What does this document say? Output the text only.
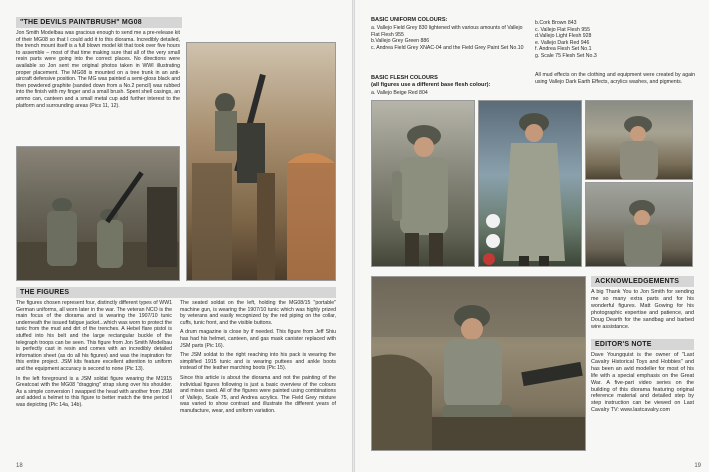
"THE DEVILS PAINTBRUSH" MG08
Jon Smith Modelbau was gracious enough to send me a pre-release kit of their MG08 so that I could add it to this diorama. Incredibly detailed, the trench mount itself is a full blown model kit that took over five hours to assemble – most of that time making sure that all of the very small resin parts were going into the correct places. No directions were available so Jon sent me original photos taken in WWI illustrating proper placement. The MG08 is mounted on a tree trunk in an anti-aircraft defensive position. The MG was painted a semi-gloss black and then powdered graphite (sanded down from a No.2 pencil) was rubbed into the finish with my finger and a small brush. Spent shell casings, an ammo can, canteen and a small metal cup add further interest to the platform and surrounding areas (Pics 11, 12).
THE FIGURES

The figures chosen represent four, distinctly different types of WW1 German uniforms, all worn later in the war. The veteran NCO is the main focus of the diorama and is wearing the 1907/10 tunic underneath the issued fatigue jacket...which was worn to protect the tunic from the mud and dirt of the trenches. A Hebel flare pistol is stuffed into his belt and the large rectangular buckle of the telegraph troops can be seen. This figure from Jon Smith Modelbau is perfectly cast in resin and comes with an incredibly detailed information sheet (as do all his figures) and was the inspiration for this entire project. JSM kits feature excellent attention to uniform and the equipment accuracy is second to none (Pic 13).

In the left foreground is a JSM soldat figure wearing the M1915 Greatcoat with the MG08 "dragging" strap slung over his shoulder. As a simple conversion I swapped the head with another from JSM and added a helmet to this figure to better match the time period I was depicting (Pic 14a, 14b).

The seated soldat on the left, holding the MG08/15 "portable" machine gun, is wearing the 1907/10 tunic which was highly prized by veterans and easily recognized by the red piping on the collar, cuffs, tunic front, and the visible buttons.

A drum magazine is close by if needed. This figure from Jeff Shiu has had his helmet, canteen, and gas mask canister replaced with JSM parts (Pic 16).

The JSM soldat to the right reaching into his pack is wearing the simplified 1915 tunic and is wearing puttees and ankle boots instead of the leather marching boots (Pic 15).

Since this article is about the diorama and not the painting of the individual figures following is just a basic overview of the colours and mixes used. All of the figures were painted using combinations of Vallejo, Scale 75, and Andrea acrylics. The Field Grey mixture was varied to show contrast and illustrate the different years of manufacture, wear, and uniform variation.

18
BASIC UNIFORM COLOURS:
a. Vallejo Field Grey 830 lightened with various amounts of Vallejo Flat Flesh 955
b.Vallejo Grey Green 886
c. Andrea Field Grey XNAC-04 and the Field Grey Paint Set No.10
BASIC FLESH COLOURS
(all figures use a different base flesh colour):
a. Vallejo Beige Red 804
b.Cork Brown 843
c. Vallejo Flat Flesh 955
d.Vallejo Light Flesh 928
e. Vallejo Dark Red 946
f. Andrea Flesh Set No.1
g. Scale 75 Flesh Set No.3
All mud effects on the clothing and equipment were created by again using Vallejo Dark Earth Effects, acrylics washes, and pigments.
ACKNOWLEDGEMENTS
A big Thank You to Jon Smith for sending me so many extra parts and for his wonderful figures. Matt Gowing for his photographic expertise and patience, and Doug Dearth for the sandbag and barbed wire assistance.
EDITOR'S NOTE
Dave Youngquist is the owner of "Last Cavalry Historical Toys and Hobbies" and has been an avid modeller for most of his life with a special emphasis on the Great War. A five-part video series on the building of this diorama featuring original reference material and detailed step by step instruction can be viewed on Last Cavalry TV: www.lastcavalry.com
19
